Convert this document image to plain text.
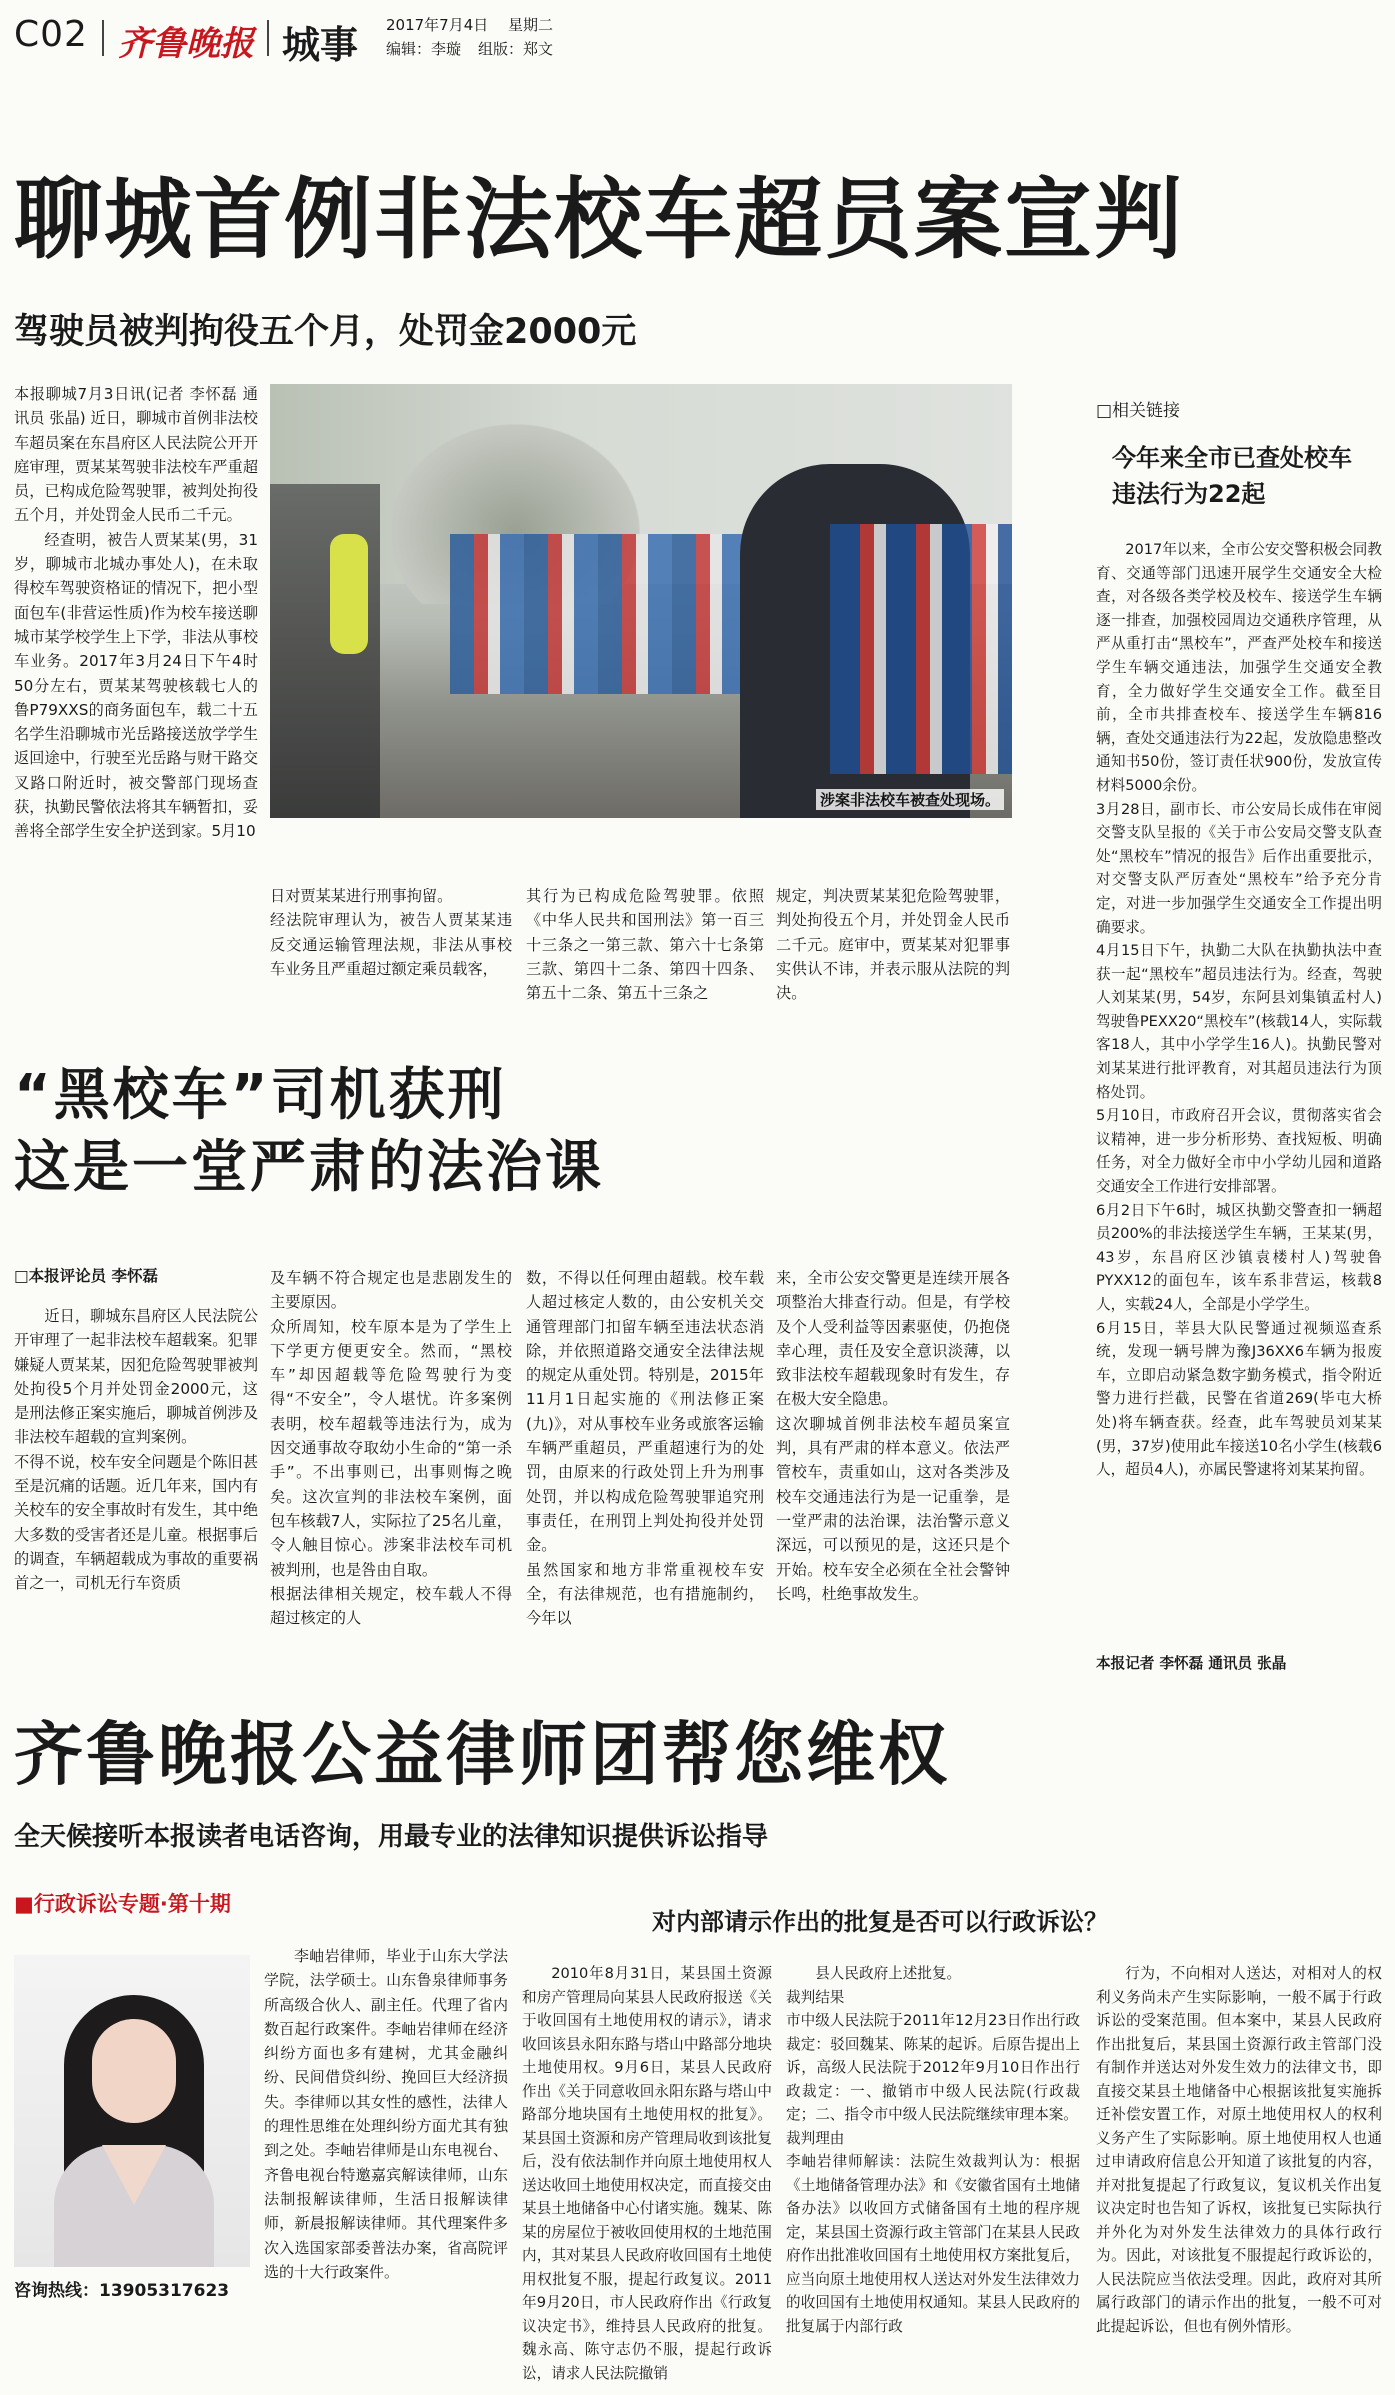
C02 齐鲁晚报 城事 2017年7月4日 星期二
编辑：李璇 组版：郑文
聊城首例非法校车超员案宣判
驾驶员被判拘役五个月，处罚金2000元

本报聊城7月3日讯(记者 李怀磊 通讯员 张晶) 近日，聊城市首例非法校车超员案在东昌府区人民法院公开开庭审理，贾某某驾驶非法校车严重超员，已构成危险驾驶罪，被判处拘役五个月，并处罚金人民币二千元。

经查明，被告人贾某某(男，31岁，聊城市北城办事处人)，在未取得校车驾驶资格证的情况下，把小型面包车(非营运性质)作为校车接送聊城市某学校学生上下学，非法从事校车业务。2017年3月24日下午4时50分左右，贾某某驾驶核载七人的鲁P79XXS的商务面包车，载二十五名学生沿聊城市光岳路接送放学学生返回途中，行驶至光岳路与财干路交叉路口附近时，被交警部门现场查获，执勤民警依法将其车辆暂扣，妥善将全部学生安全护送到家。5月10

涉案非法校车被查处现场。
日对贾某某进行刑事拘留。
经法院审理认为，被告人贾某某违反交通运输管理法规，非法从事校车业务且严重超过额定乘员载客，
其行为已构成危险驾驶罪。依照《中华人民共和国刑法》第一百三十三条之一第三款、第六十七条第三款、第四十二条、第四十四条、第五十二条、第五十三条之
规定，判决贾某某犯危险驾驶罪，判处拘役五个月，并处罚金人民币二千元。庭审中，贾某某对犯罪事实供认不讳，并表示服从法院的判决。
“黑校车”司机获刑
这是一堂严肃的法治课
□本报评论员 李怀磊
近日，聊城东昌府区人民法院公开审理了一起非法校车超载案。犯罪嫌疑人贾某某，因犯危险驾驶罪被判处拘役5个月并处罚金2000元，这是刑法修正案实施后，聊城首例涉及非法校车超载的宣判案例。
不得不说，校车安全问题是个陈旧甚至是沉痛的话题。近几年来，国内有关校车的安全事故时有发生，其中绝大多数的受害者还是儿童。根据事后的调查，车辆超载成为事故的重要祸首之一，司机无行车资质
及车辆不符合规定也是悲剧发生的主要原因。
众所周知，校车原本是为了学生上下学更方便更安全。然而，“黑校车”却因超载等危险驾驶行为变得“不安全”，令人堪忧。许多案例表明，校车超载等违法行为，成为因交通事故夺取幼小生命的“第一杀手”。不出事则已，出事则悔之晚矣。这次宣判的非法校车案例，面包车核载7人，实际拉了25名儿童，令人触目惊心。涉案非法校车司机被判刑，也是咎由自取。
根据法律相关规定，校车载人不得超过核定的人
数，不得以任何理由超载。校车载人超过核定人数的，由公安机关交通管理部门扣留车辆至违法状态消除，并依照道路交通安全法律法规的规定从重处罚。特别是，2015年11月1日起实施的《刑法修正案(九)》，对从事校车业务或旅客运输车辆严重超员，严重超速行为的处罚，由原来的行政处罚上升为刑事处罚，并以构成危险驾驶罪追究刑事责任，在刑罚上判处拘役并处罚金。
虽然国家和地方非常重视校车安全，有法律规范，也有措施制约，今年以
来，全市公安交警更是连续开展各项整治大排查行动。但是，有学校及个人受利益等因素驱使，仍抱侥幸心理，责任及安全意识淡薄，以致非法校车超载现象时有发生，存在极大安全隐患。
这次聊城首例非法校车超员案宣判，具有严肃的样本意义。依法严管校车，责重如山，这对各类涉及校车交通违法行为是一记重拳，是一堂严肃的法治课，法治警示意义深远，可以预见的是，这还只是个开始。校车安全必须在全社会警钟长鸣，杜绝事故发生。
□相关链接
今年来全市已查处校车违法行为22起
2017年以来，全市公安交警积极会同教育、交通等部门迅速开展学生交通安全大检查，对各级各类学校及校车、接送学生车辆逐一排查，加强校园周边交通秩序管理，从严从重打击“黑校车”，严查严处校车和接送学生车辆交通违法，加强学生交通安全教育，全力做好学生交通安全工作。截至目前，全市共排查校车、接送学生车辆816辆，查处交通违法行为22起，发放隐患整改通知书50份，签订责任状900份，发放宣传材料5000余份。
3月28日，副市长、市公安局长成伟在审阅交警支队呈报的《关于市公安局交警支队查处“黑校车”情况的报告》后作出重要批示，对交警支队严厉查处“黑校车”给予充分肯定，对进一步加强学生交通安全工作提出明确要求。
4月15日下午，执勤二大队在执勤执法中查获一起“黑校车”超员违法行为。经查，驾驶人刘某某(男，54岁，东阿县刘集镇孟村人)驾驶鲁PEXX20“黑校车”(核载14人，实际载客18人，其中小学学生16人)。执勤民警对刘某某进行批评教育，对其超员违法行为顶格处罚。
5月10日，市政府召开会议，贯彻落实省会议精神，进一步分析形势、查找短板、明确任务，对全力做好全市中小学幼儿园和道路交通安全工作进行安排部署。
6月2日下午6时，城区执勤交警查扣一辆超员200%的非法接送学生车辆，王某某(男，43岁，东昌府区沙镇袁楼村人)驾驶鲁PYXX12的面包车，该车系非营运，核载8人，实载24人，全部是小学学生。
6月15日，莘县大队民警通过视频巡查系统，发现一辆号牌为豫J36XX6车辆为报废车，立即启动紧急数字勤务模式，指令附近警力进行拦截，民警在省道269(毕屯大桥处)将车辆查获。经查，此车驾驶员刘某某(男，37岁)使用此车接送10名小学生(核载6人，超员4人)，亦属民警逮将刘某某拘留。
本报记者 李怀磊 通讯员 张晶
齐鲁晚报公益律师团帮您维权
全天候接听本报读者电话咨询，用最专业的法律知识提供诉讼指导
■行政诉讼专题·第十期
对内部请示作出的批复是否可以行政诉讼？
咨询热线：13905317623
李岫岩律师，毕业于山东大学法学院，法学硕士。山东鲁泉律师事务所高级合伙人、副主任。代理了省内数百起行政案件。李岫岩律师在经济纠纷方面也多有建树，尤其金融纠纷、民间借贷纠纷、挽回巨大经济损失。李律师以其女性的感性，法律人的理性思维在处理纠纷方面尤其有独到之处。李岫岩律师是山东电视台、齐鲁电视台特邀嘉宾解读律师，山东法制报解读律师，生活日报解读律师，新晨报解读律师。其代理案件多次入选国家部委普法办案，省高院评选的十大行政案件。
2010年8月31日，某县国土资源和房产管理局向某县人民政府报送《关于收回国有土地使用权的请示》，请求收回该县永阳东路与塔山中路部分地块土地使用权。9月6日，某县人民政府作出《关于同意收回永阳东路与塔山中路部分地块国有土地使用权的批复》。某县国土资源和房产管理局收到该批复后，没有依法制作并向原土地使用权人送达收回土地使用权决定，而直接交由某县土地储备中心付诸实施。魏某、陈某的房屋位于被收回使用权的土地范围内，其对某县人民政府收回国有土地使用权批复不服，提起行政复议。2011年9月20日，市人民政府作出《行政复议决定书》，维持县人民政府的批复。魏永高、陈守志仍不服，提起行政诉讼，请求人民法院撤销
县人民政府上述批复。
裁判结果
市中级人民法院于2011年12月23日作出行政裁定：驳回魏某、陈某的起诉。后原告提出上诉，高级人民法院于2012年9月10日作出行政裁定：一、撤销市中级人民法院(行政裁定；二、指令市中级人民法院继续审理本案。
裁判理由
李岫岩律师解读：法院生效裁判认为：根据《土地储备管理办法》和《安徽省国有土地储备办法》以收回方式储备国有土地的程序规定，某县国土资源行政主管部门在某县人民政府作出批准收回国有土地使用权方案批复后，应当向原土地使用权人送达对外发生法律效力的收回国有土地使用权通知。某县人民政府的批复属于内部行政
行为，不向相对人送达，对相对人的权利义务尚未产生实际影响，一般不属于行政诉讼的受案范围。但本案中，某县人民政府作出批复后，某县国土资源行政主管部门没有制作并送达对外发生效力的法律文书，即直接交某县土地储备中心根据该批复实施拆迁补偿安置工作，对原土地使用权人的权利义务产生了实际影响。原土地使用权人也通过申请政府信息公开知道了该批复的内容，并对批复提起了行政复议，复议机关作出复议决定时也告知了诉权，该批复已实际执行并外化为对外发生法律效力的具体行政行为。因此，对该批复不服提起行政诉讼的，人民法院应当依法受理。因此，政府对其所属行政部门的请示作出的批复，一般不可对此提起诉讼，但也有例外情形。
